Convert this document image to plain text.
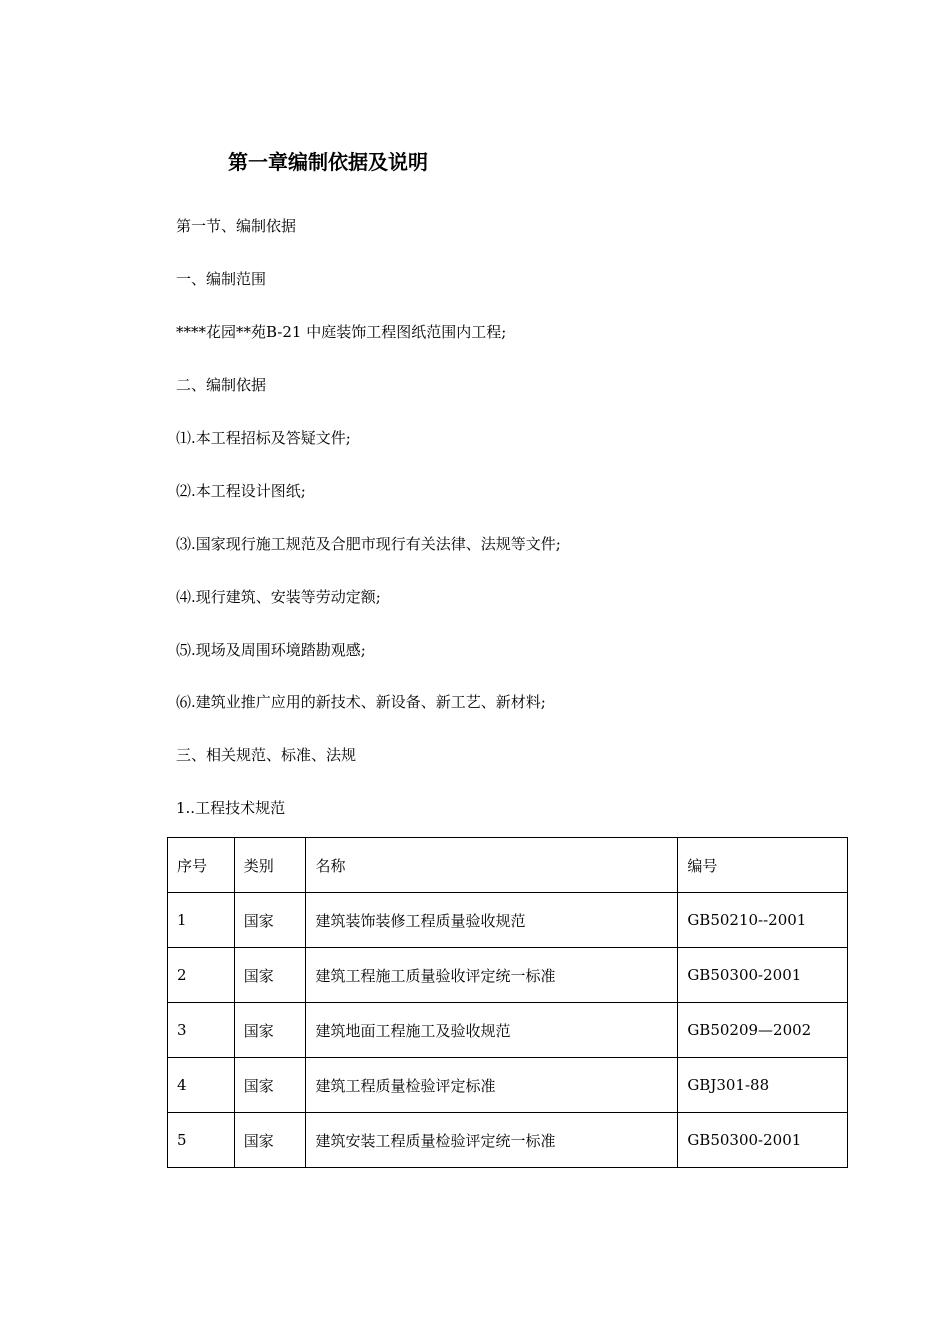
第一章编制依据及说明
第一节、编制依据
一、编制范围
****花园**苑B-21 中庭装饰工程图纸范围内工程;
二、编制依据
⑴.本工程招标及答疑文件;
⑵.本工程设计图纸;
⑶.国家现行施工规范及合肥市现行有关法律、法规等文件;
⑷.现行建筑、安装等劳动定额;
⑸.现场及周围环境踏勘观感;
⑹.建筑业推广应用的新技术、新设备、新工艺、新材料;
三、相关规范、标准、法规
1..工程技术规范
序号	类别	名称	编号
1	国家	建筑装饰装修工程质量验收规范	GB50210--2001
2	国家	建筑工程施工质量验收评定统一标准	GB50300-2001
3	国家	建筑地面工程施工及验收规范	GB50209—2002
4	国家	建筑工程质量检验评定标准	GBJ301-88
5	国家	建筑安装工程质量检验评定统一标准	GB50300-2001
